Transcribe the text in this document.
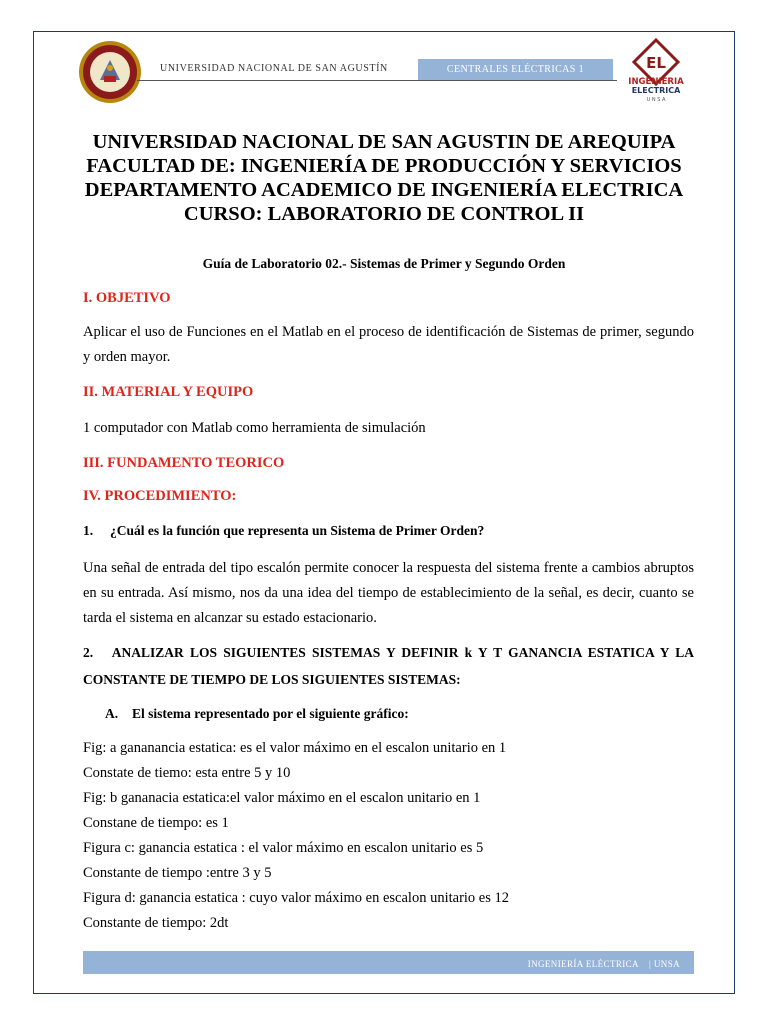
EL
INGENIERIA
ELECTRICA
U N S A
UNIVERSIDAD NACIONAL DE SAN AGUSTÍN	CENTRALES ELÉCTRICAS 1
UNIVERSIDAD NACIONAL DE SAN AGUSTIN DE AREQUIPA
FACULTAD DE: INGENIERÍA DE PRODUCCIÓN Y SERVICIOS
DEPARTAMENTO ACADEMICO DE INGENIERÍA ELECTRICA
CURSO: LABORATORIO DE CONTROL II
Guía de Laboratorio 02.- Sistemas de Primer y Segundo Orden
I. OBJETIVO
Aplicar el uso de Funciones en el Matlab en el proceso de identificación de Sistemas de primer, segundo y orden mayor.
II. MATERIAL Y EQUIPO
1 computador con Matlab como herramienta de simulación
III. FUNDAMENTO TEORICO
IV. PROCEDIMIENTO:
1. ¿Cuál es la función que representa un Sistema de Primer Orden?
Una señal de entrada del tipo escalón permite conocer la respuesta del sistema frente a cambios abruptos en su entrada. Así mismo, nos da una idea del tiempo de establecimiento de la señal, es decir, cuanto se tarda el sistema en alcanzar su estado estacionario.
2. ANALIZAR LOS SIGUIENTES SISTEMAS Y DEFINIR k Y T GANANCIA ESTATICA Y LA CONSTANTE DE TIEMPO DE LOS SIGUIENTES SISTEMAS:
A. El sistema representado por el siguiente gráfico:
Fig: a gananancia estatica: es el valor máximo en el escalon unitario en 1
Constate de tiemo: esta entre 5 y 10
Fig: b gananacia estatica:el valor máximo en el escalon unitario en 1
Constane de tiempo: es 1
Figura c: ganancia estatica : el valor máximo en escalon unitario es 5
Constante de tiempo :entre 3 y 5
Figura d: ganancia estatica : cuyo valor máximo en escalon unitario es 12
Constante de tiempo: 2dt
INGENIERÍA ELÉCTRICA    | UNSA
